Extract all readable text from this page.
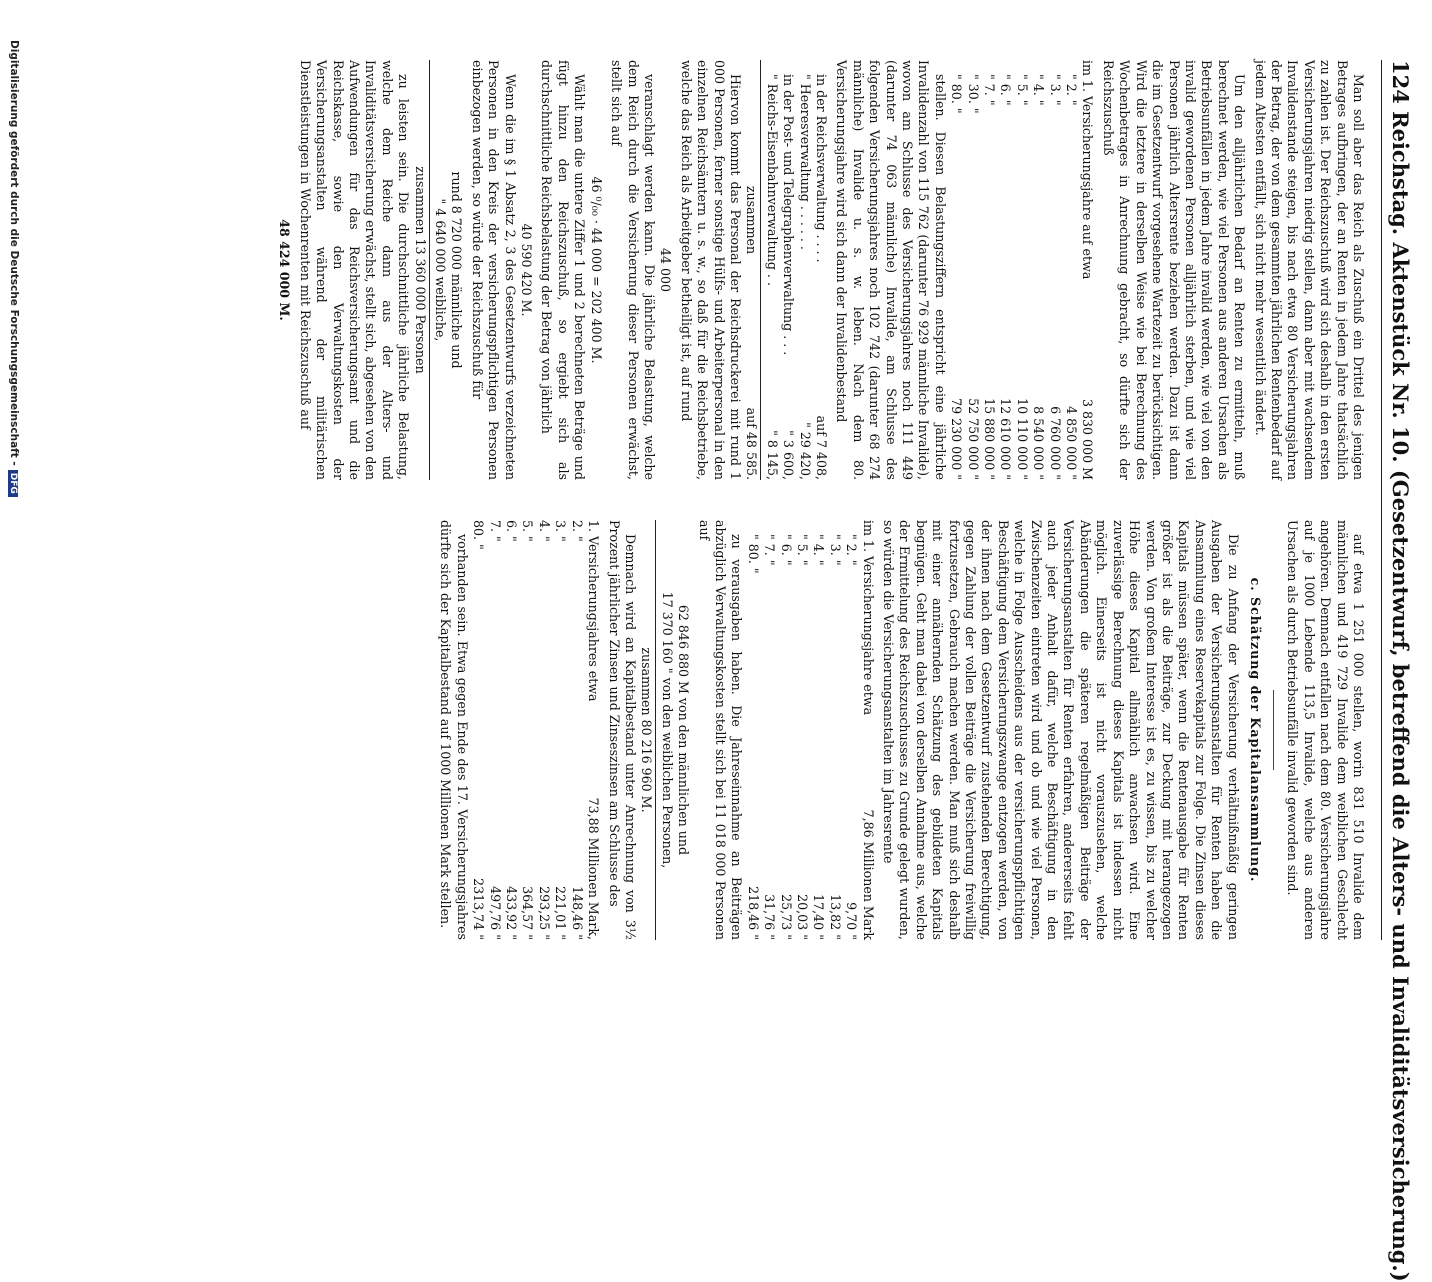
124 Reichstag. Aktenstück Nr. 10. (Gesetzentwurf, betreffend die Alters- und Invaliditätsversicherung.)

Man soll aber das Reich als Zuschuß ein Drittel des jenigen Betrages aufbringen, der an Renten in jedem Jahre thatsächlich zu zahlen ist. Der Reichszuschuß wird sich deshalb in den ersten Versicherungsjahren niedrig stellen, dann aber mit wachsendem Invalidenstande steigen, bis nach etwa 80 Versicherungsjahren der Betrag, der von dem gesammten jährlichen Rentenbedarf auf jedem Altesten entfällt, sich nicht mehr wesentlich ändert.

Um den alljährlichen Bedarf an Renten zu ermitteln, muß berechnet werden, wie viel Personen aus anderen Ursachen als Betriebsunfällen in jedem Jahre invalid werden, wie viel von den invalid gewordenen Personen alljährlich sterben, und wie viel Personen jährlich Altersrente beziehen werden. Dazu ist dann die im Gesetzentwurf vorgesehene Wartezeit zu berücksichtigen. Wird die letztere in derselben Weise wie bei Berechnung des Wochenbetrages in Anrechnung gebracht, so dürfte sich der Reichszuschuß

im 1. Versicherungsjahre auf etwa
3 830 000 M
" 2. "
4 850 000 "
" 3. "
6 760 000 "
" 4. "
8 540 000 "
" 5. "
10 110 000 "
" 6. "
12 610 000 "
" 7. "
15 880 000 "
" 30. "
52 750 000 "
" 80. "
79 230 000 "

stellen. Diesen Belastungsziffern entspricht eine jährliche Invalidenzahl von 115 762 (darunter 76 929 männliche Invalide), wovon am Schlusse des Versicherungsjahres noch 111 449 (darunter 74 063 männliche) Invalide, am Schlusse des folgenden Versicherungsjahres noch 102 742 (darunter 68 274 männliche) Invalide u. s. w. leben. Nach dem 80. Versicherungsjahre wird sich dann der Invalidenbestand

in der Reichsverwaltung . . . .
auf 7 408,
" Heeresverwaltung . . . . . .
" 29 420,
in der Post- und Telegraphenverwaltung . . .
" 3 600,
" Reichs-Eisenbahnverwaltung . .
" 8 145,
zusammen
auf 48 585.

Hiervon kommt das Personal der Reichsdruckerei mit rund 1 000 Personen, ferner sonstige Hülfs- und Arbeiterpersonal in den einzelnen Reichsämtern u. s. w., so daß für die Reichsbetriebe, welche das Reich als Arbeitgeber betheiligt ist, auf rund

44 000

veranschlagt werden kann. Die jährliche Belastung, welche dem Reich durch die Versicherung dieser Personen erwächst, stellt sich auf

46 ⁰/₀₀ · 44 000 = 202 400 M.

Wählt man die untere Ziffer 1 und 2 berechneten Beträge und fügt hinzu den Reichszuschuß, so ergiebt sich als durchschnittliche Reichsbelastung der Betrag von jährlich

40 590 420 M.

Wenn die im § 1 Absatz 2, 3 des Gesetzentwurfs verzeichneten Personen in den Kreis der versicherungspflichtigen Personen einbezogen werden, so würde der Reichszuschuß für

rund 8 720 000 männliche und
" 4 640 000 weibliche,
zusammen 13 360 000 Personen

zu leisten sein. Die durchschnittliche jährliche Belastung, welche dem Reiche dann aus der Alters- und Invaliditätsversicherung erwächst, stellt sich, abgesehen von den Aufwendungen für das Reichsversicherungsamt und die Reichskasse, sowie den Verwaltungskosten der Versicherungsanstalten während der militärischen Dienstleistungen in Wochenrenten mit Reichszuschuß auf

48 424 000 M.

auf etwa 1 251 000 stellen, worin 831 510 Invalide dem männlichen und 419 729 Invalide dem weiblichen Geschlecht angehören. Demnach entfallen nach dem 80. Versicherungsjahre auf je 1000 Lebende 113,5 Invalide, welche aus anderen Ursachen als durch Betriebsunfälle invalid geworden sind.

c. Schätzung der Kapitalansammlung.

Die zu Anfang der Versicherung verhältnißmäßig geringen Ausgaben der Versicherungsanstalten für Renten haben die Ansammlung eines Reservekapitals zur Folge. Die Zinsen dieses Kapitals müssen später, wenn die Rentenausgabe für Renten größer ist als die Beiträge, zur Deckung mit herangezogen werden. Von großem Interesse ist es, zu wissen, bis zu welcher Höhe dieses Kapital allmählich anwachsen wird. Eine zuverlässige Berechnung dieses Kapitals ist indessen nicht möglich. Einerseits ist nicht vorauszusehen, welche Abänderungen die späteren regelmäßigen Beiträge der Versicherungsanstalten für Renten erfahren, andererseits fehlt auch jeder Anhalt dafür, welche Beschäftigung in den Zwischenzeiten eintreten wird und ob und wie viel Personen, welche in Folge Ausscheidens aus der versicherungspflichtigen Beschäftigung dem Versicherungszwange entzogen werden, von der ihnen nach dem Gesetzentwurf zustehenden Berechtigung, gegen Zahlung der vollen Beiträge die Versicherung freiwillig fortzusetzen, Gebrauch machen werden. Man muß sich deshalb mit einer annähernden Schätzung des gebildeten Kapitals begnügen. Geht man dabei von derselben Annahme aus, welche der Ermittelung des Reichszuschusses zu Grunde gelegt wurden, so würden die Versicherungsanstalten im Jahresrente

im 1. Versicherungsjahre etwa
7,86 Millionen Mark
" 2. "
9,70 "
" 3. "
13,82 "
" 4. "
17,40 "
" 5. "
20,03 "
" 6. "
25,73 "
" 7. "
31,76 "
" 80. "
218,46 "

zu verausgaben haben. Die Jahreseinnahme an Beiträgen abzüglich Verwaltungskosten stellt sich bei 11 018 000 Personen auf

62 846 880 M von den männlichen und
17 370 160 " von den weiblichen Personen,
zusammen 80 216 960 M.

Demnach wird an Kapitalbestand unter Anrechnung von 3½ Prozent jährlicher Zinsen und Zinseszinsen am Schlusse des

1. Versicherungsjahres etwa
73,88 Millionen Mark,
2. "
148,46 "
3. "
221,01 "
4. "
293,25 "
5. "
364,57 "
6. "
433,92 "
7. "
497,76 "
80. "
2313,74 "

vorhanden sein. Etwa gegen Ende des 17. Versicherungsjahres dürfte sich der Kapitalbestand auf 1000 Millionen Mark stellen.

Digitalisierung gefördert durch die Deutsche Forschungsgemeinschaft -DFG
